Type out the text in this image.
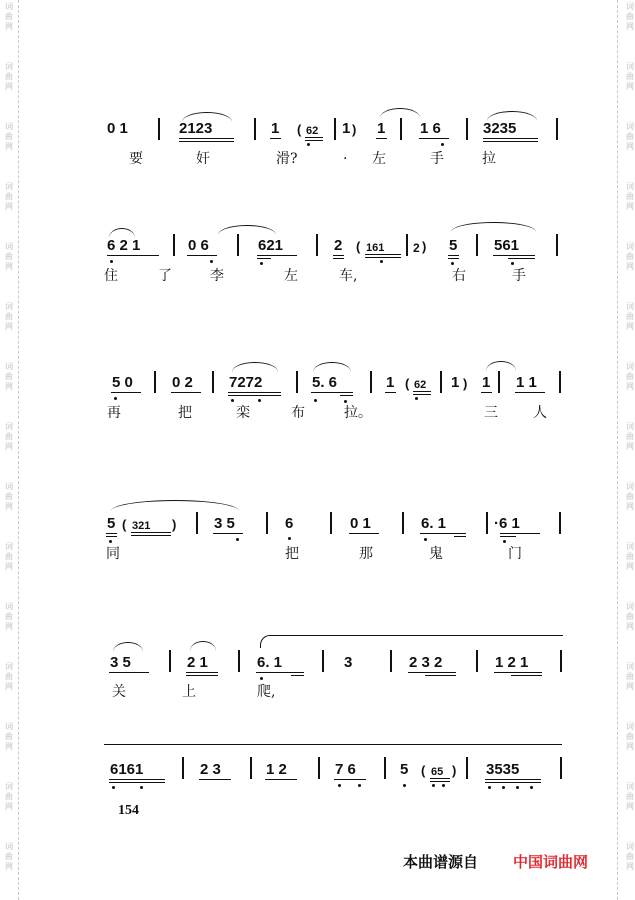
词
曲
网
词
曲
网
词
曲
网
词
曲
网
词
曲
网
词
曲
网
词
曲
网
词
曲
网
词
曲
网
词
曲
网
词
曲
网
词
曲
网
词
曲
网
词
曲
网
词
曲
网
词
曲
网
词
曲
网
词
曲
网
词
曲
网
词
曲
网
词
曲
网
词
曲
网
词
曲
网
词
曲
网
词
曲
网
词
曲
网
词
曲
网
词
曲
网
词
曲
网
词
曲
网
0 1	2123	1 ( 62 1 ) 1 1 6	3235
要	奸	滑?	· 左	手	拉
6 2 1	0 6	621	2 ( 161 2 ) 5 561
住	了	李	左	车,	右	手
5 0	0 2 7272	5. 6	1 ( 62 1 ) 1 1 1
再	把	栾	布	拉。	三	人
5 ( 321 )	3 5	6	0 1	6. 1	·6 1
同	把	那	鬼	门
3 5	2 1	6. 1	3	2 3 2	1 2 1
关	上	爬,
6161	2 3	1 2	7 6	5 ( 65 ) 3535
154
本曲谱源自 中国词曲网
